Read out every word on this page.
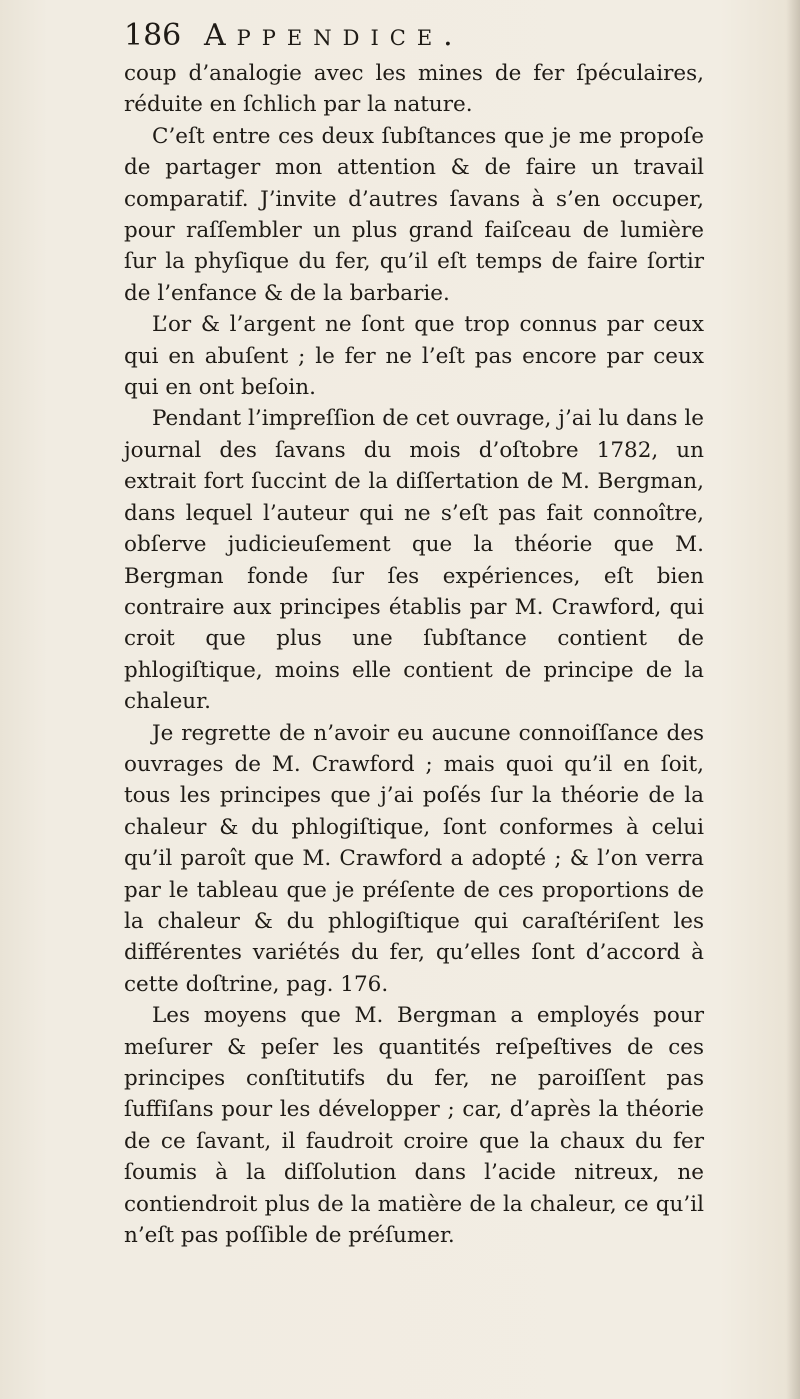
186 Appendice.

coup d’analogie avec les mines de fer ſpéculaires, réduite en ſchlich par la nature.

C’eſt entre ces deux ſubſtances que je me propoſe de partager mon attention & de faire un travail comparatif. J’invite d’autres ſavans à s’en occuper, pour raſſembler un plus grand faiſceau de lumière ſur la phyſique du fer, qu’il eſt temps de faire ſortir de l’enfance & de la barbarie.

L’or & l’argent ne ſont que trop connus par ceux qui en abuſent ; le fer ne l’eſt pas encore par ceux qui en ont beſoin.

Pendant l’impreſſion de cet ouvrage, j’ai lu dans le journal des ſavans du mois d’oſtobre 1782, un extrait fort ſuccint de la diſſertation de M. Bergman, dans lequel l’auteur qui ne s’eſt pas fait connoître, obſerve judicieuſement que la théorie que M. Bergman fonde ſur ſes expériences, eſt bien contraire aux principes établis par M. Crawford, qui croit que plus une ſubſtance contient de phlogiſtique, moins elle contient de principe de la chaleur.

Je regrette de n’avoir eu aucune connoiſſance des ouvrages de M. Crawford ; mais quoi qu’il en ſoit, tous les principes que j’ai poſés ſur la théorie de la chaleur & du phlogiſtique, ſont conformes à celui qu’il paroît que M. Crawford a adopté ; & l’on verra par le tableau que je préſente de ces proportions de la chaleur & du phlogiſtique qui caraſtériſent les différentes variétés du fer, qu’elles ſont d’accord à cette doſtrine, pag. 176.

Les moyens que M. Bergman a employés pour meſurer & peſer les quantités reſpeſtives de ces principes conſtitutifs du fer, ne paroiſſent pas ſuffiſans pour les développer ; car, d’après la théorie de ce ſavant, il faudroit croire que la chaux du fer ſoumis à la diſſolution dans l’acide nitreux, ne contiendroit plus de la matière de la chaleur, ce qu’il n’eſt pas poſſible de préſumer.
